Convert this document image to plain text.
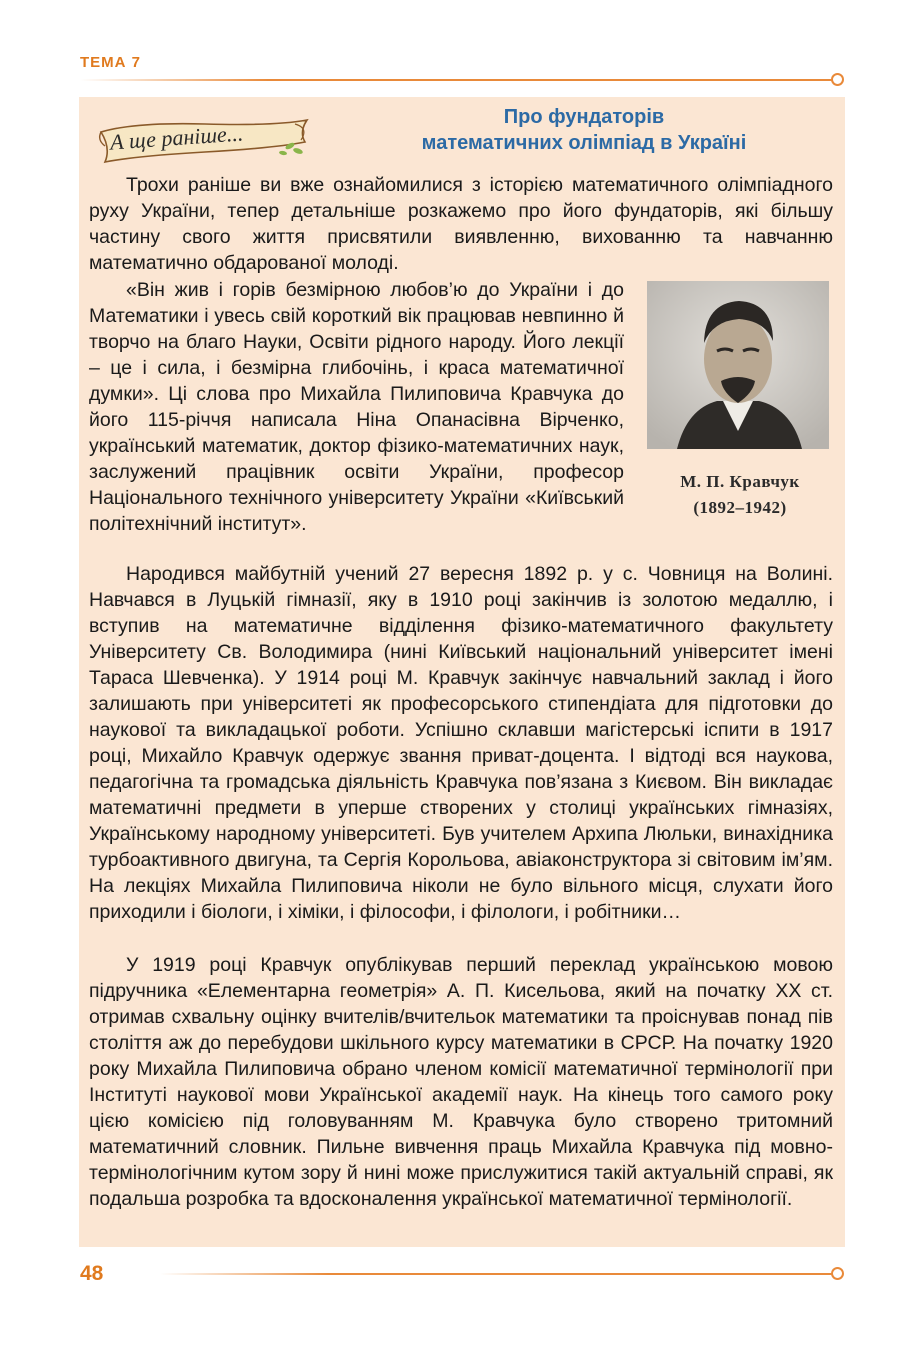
ТЕМА 7
А ще раніше...
Про фундаторів
математичних олімпіад в Україні

Трохи раніше ви вже ознайомилися з історією математичного олімпіадного руху України, тепер детальніше розкажемо про його фундаторів, які більшу частину свого життя присвятили виявленню, вихованню та навчанню математично обдарованої молоді.

«Він жив і горів безмірною любов’ю до України і до Математики і увесь свій короткий вік працював невпинно й творчо на благо Науки, Освіти рідного народу. Його лекції – це і сила, і безмірна глибочінь, і краса математичної думки». Ці слова про Михайла Пилиповича Кравчука до його 115-річчя написала Ніна Опанасівна Вірченко, український математик, доктор фізико-математичних наук, заслужений працівник освіти України, професор Національного технічного університету України «Київський політехнічний інститут».

М. П. Кравчук
(1892–1942)

Народився майбутній учений 27 вересня 1892 р. у с. Човниця на Волині. Навчався в Луцькій гімназії, яку в 1910 році закінчив із золотою медаллю, і вступив на математичне відділення фізико-математичного факультету Університету Св. Володимира (нині Київський національний університет імені Тараса Шевченка). У 1914 році М. Кравчук закінчує навчальний заклад і його залишають при університеті як професорського стипендіата для підготовки до наукової та викладацької роботи. Успішно склавши магістерські іспити в 1917 році, Михайло Кравчук одержує звання приват-доцента. І відтоді вся наукова, педагогічна та громадська діяльність Кравчука пов’язана з Києвом. Він викладає математичні предмети в уперше створених у столиці українських гімназіях, Українському народному університеті. Був учителем Архипа Люльки, винахідника турбоактивного двигуна, та Сергія Корольова, авіаконструктора зі світовим ім’ям. На лекціях Михайла Пилиповича ніколи не було вільного місця, слухати його приходили і біологи, і хіміки, і філософи, і філологи, і робітники…

У 1919 році Кравчук опублікував перший переклад українською мовою підручника «Елементарна геометрія» А. П. Кисельова, який на початку ХХ ст. отримав схвальну оцінку вчителів/вчительок математики та проіснував понад пів століття аж до перебудови шкільного курсу математики в СРСР. На початку 1920 року Михайла Пилиповича обрано членом комісії математичної термінології при Інституті наукової мови Української академії наук. На кінець того самого року цією комісією під головуванням М. Кравчука було створено тритомний математичний словник. Пильне вивчення праць Михайла Кравчука під мовно-термінологічним кутом зору й нині може прислужитися такій актуальній справі, як подальша розробка та вдосконалення української математичної термінології.

48
